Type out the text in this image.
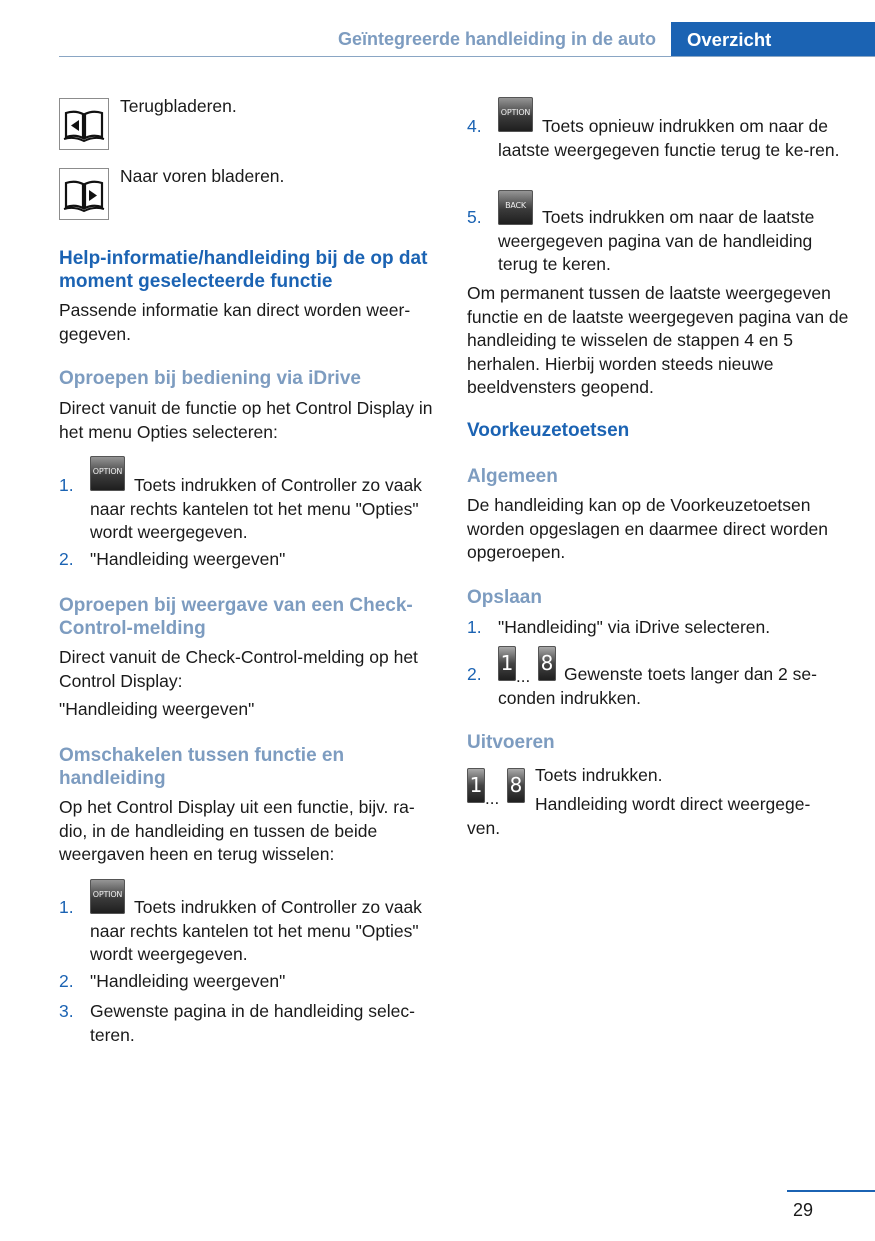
Geïntegreerde handleiding in de auto Overzicht
Terugbladeren.
Naar voren bladeren.
Help-informatie/handleiding bij de op dat moment geselecteerde functie
Passende informatie kan direct worden weer-gegeven.
Oproepen bij bediening via iDrive
Direct vanuit de functie op het Control Display in het menu Opties selecteren:
1.
OPTION
Toets indrukken of Controller zo vaak naar rechts kantelen tot het menu "Opties" wordt weergegeven.
2. "Handleiding weergeven"
Oproepen bij weergave van een Check-Control-melding
Direct vanuit de Check-Control-melding op het Control Display:
"Handleiding weergeven"
Omschakelen tussen functie en handleiding
Op het Control Display uit een functie, bijv. ra-dio, in de handleiding en tussen de beide weergaven heen en terug wisselen:
1.
OPTION
Toets indrukken of Controller zo vaak naar rechts kantelen tot het menu "Opties" wordt weergegeven.
2. "Handleiding weergeven"
3. Gewenste pagina in de handleiding selec-teren.
4.
OPTION
Toets opnieuw indrukken om naar de laatste weergegeven functie terug te ke-ren.
5.
BACK
Toets indrukken om naar de laatste weergegeven pagina van de handleiding terug te keren.
Om permanent tussen de laatste weergegeven functie en de laatste weergegeven pagina van de handleiding te wisselen de stappen 4 en 5 herhalen. Hierbij worden steeds nieuwe beeldvensters geopend.
Voorkeuzetoetsen
Algemeen
De handleiding kan op de Voorkeuzetoetsen worden opgeslagen en daarmee direct worden opgeroepen.
Opslaan
1. "Handleiding" via iDrive selecteren.
2. 1
...
8 Gewenste toets langer dan 2 se-conden indrukken.
Uitvoeren
1
...
8 Toets indrukken.
Handleiding wordt direct weergege-
ven.
29
